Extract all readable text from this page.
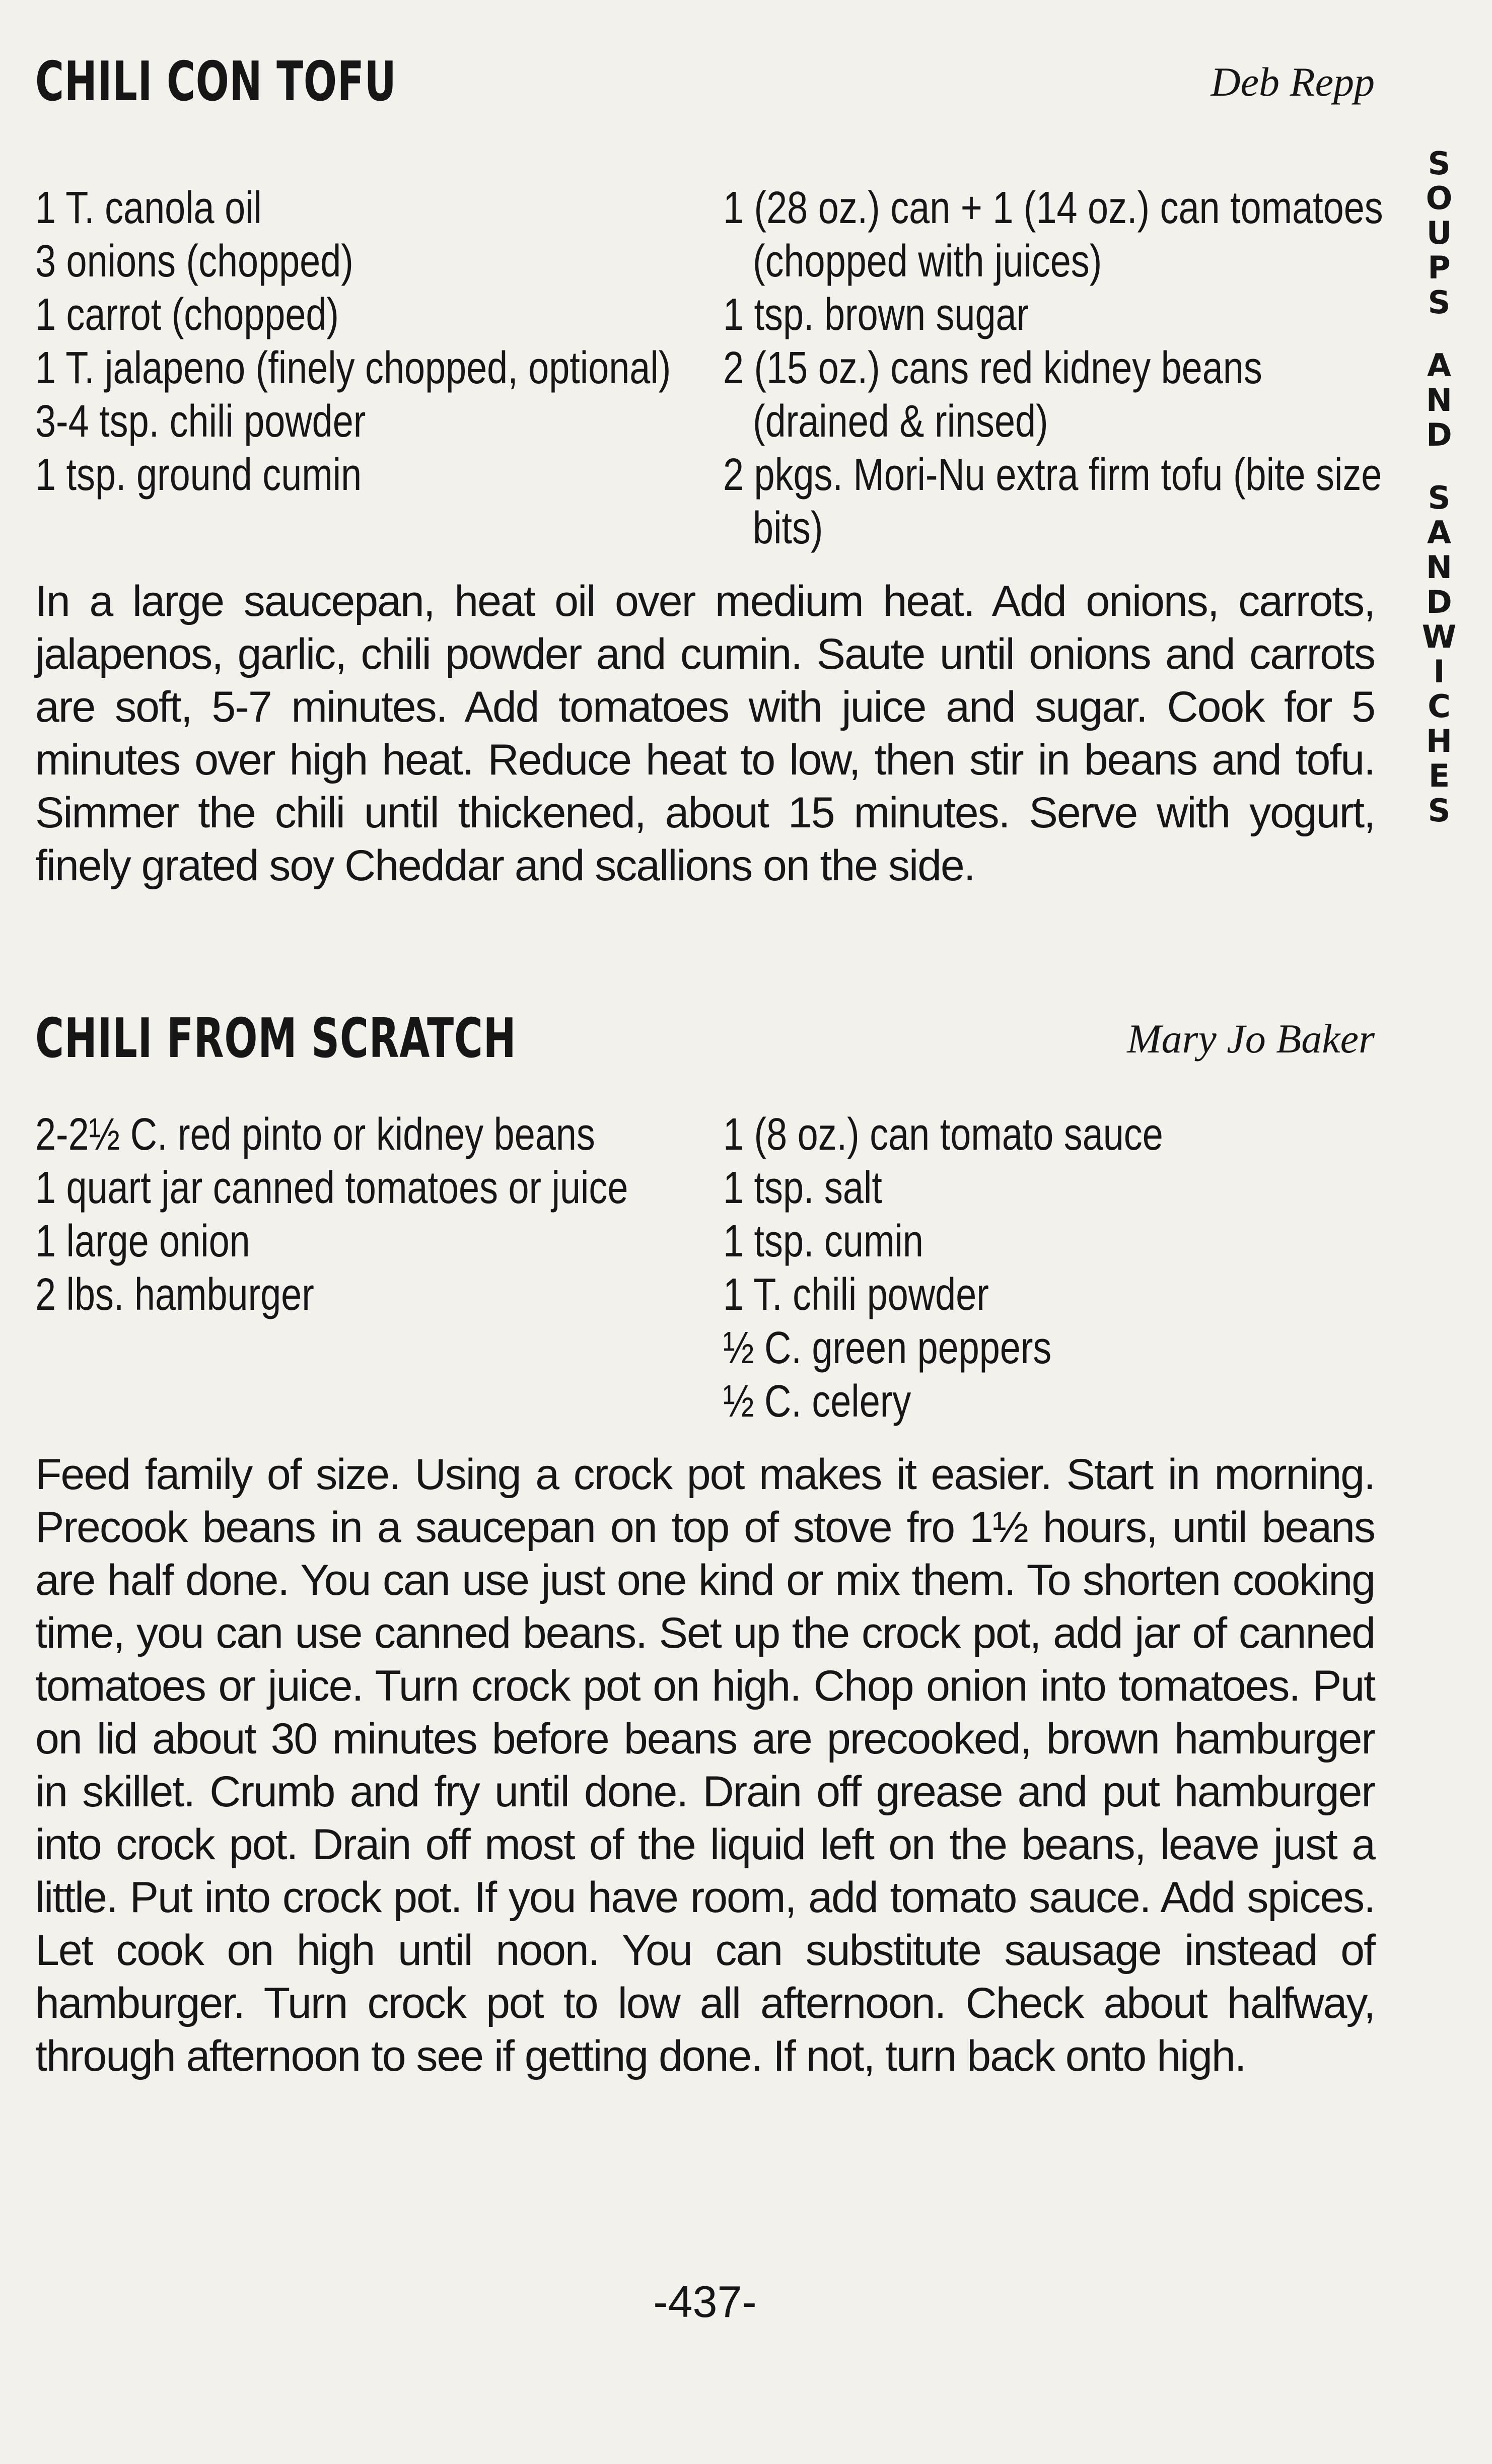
CHILI CON TOFU	Deb Repp
1 T. canola oil
3 onions (chopped)
1 carrot (chopped)
1 T. jalapeno (finely chopped, optional)
3-4 tsp. chili powder
1 tsp. ground cumin
1 (28 oz.) can + 1 (14 oz.) can tomatoes (chopped with juices)
1 tsp. brown sugar
2 (15 oz.) cans red kidney beans (drained & rinsed)
2 pkgs. Mori-Nu extra firm tofu (bite size bits)

In a large saucepan, heat oil over medium heat. Add onions, carrots, jalapenos, garlic, chili powder and cumin. Saute until onions and carrots are soft, 5-7 minutes. Add tomatoes with juice and sugar. Cook for 5 minutes over high heat. Reduce heat to low, then stir in beans and tofu. Simmer the chili until thickened, about 15 minutes. Serve with yogurt, finely grated soy Cheddar and scallions on the side.

CHILI FROM SCRATCH	Mary Jo Baker
2-2½ C. red pinto or kidney beans
1 quart jar canned tomatoes or juice
1 large onion
2 lbs. hamburger
1 (8 oz.) can tomato sauce
1 tsp. salt
1 tsp. cumin
1 T. chili powder
½ C. green peppers
½ C. celery

Feed family of size. Using a crock pot makes it easier. Start in morning. Precook beans in a saucepan on top of stove fro 1½ hours, until beans are half done. You can use just one kind or mix them. To shorten cooking time, you can use canned beans. Set up the crock pot, add jar of canned tomatoes or juice. Turn crock pot on high. Chop onion into tomatoes. Put on lid about 30 minutes before beans are precooked, brown hamburger in skillet. Crumb and fry until done. Drain off grease and put hamburger into crock pot. Drain off most of the liquid left on the beans, leave just a little. Put into crock pot. If you have room, add tomato sauce. Add spices. Let cook on high until noon. You can substitute sausage instead of hamburger. Turn crock pot to low all afternoon. Check about halfway, through afternoon to see if getting done. If not, turn back onto high.

S
O
U
P
S
A
N
D
S
A
N
D
W
I
C
H
E
S
-437-
